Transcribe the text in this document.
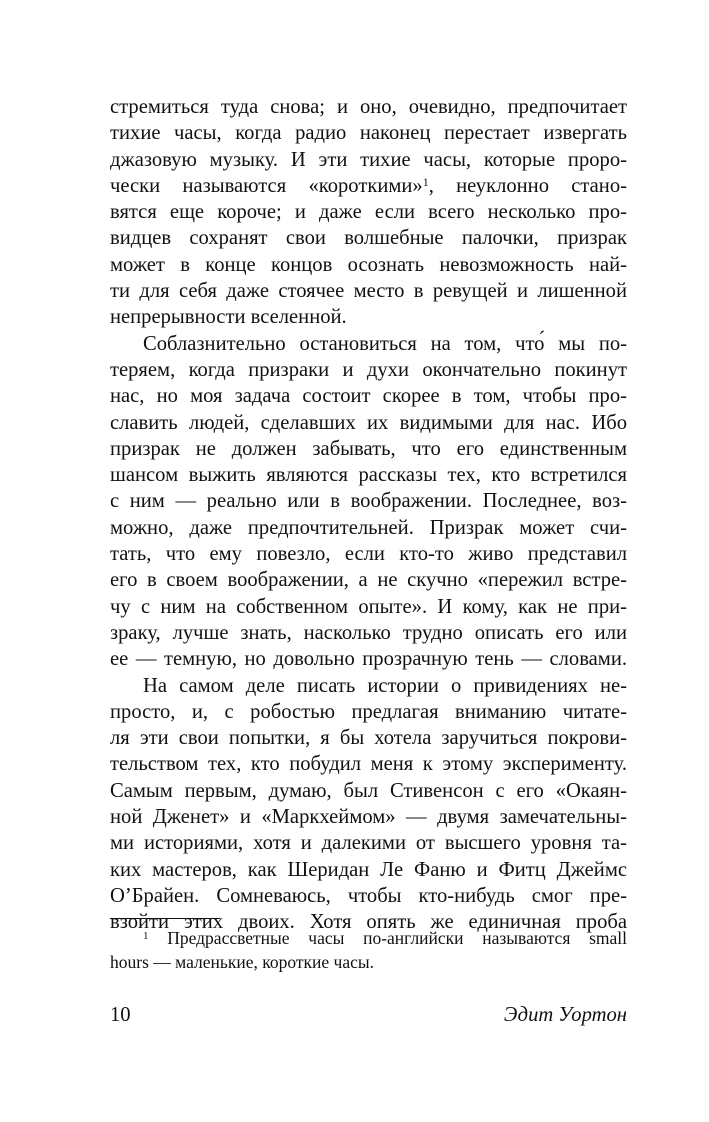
стремиться туда снова; и оно, очевидно, предпочитает
тихие часы, когда радио наконец перестает извергать
джазовую музыку. И эти тихие часы, которые проро-
чески называются «короткими»$^1$, неуклонно стано-
вятся еще короче; и даже если всего несколько про-
видцев сохранят свои волшебные палочки, призрак
может в конце концов осознать невозможность най-
ти для себя даже стоячее место в ревущей и лишенной
непрерывности вселенной.

Соблазнительно остановиться на том, что́ мы по-
теряем, когда призраки и духи окончательно покинут
нас, но моя задача состоит скорее в том, чтобы про-
славить людей, сделавших их видимыми для нас. Ибо
призрак не должен забывать, что его единственным
шансом выжить являются рассказы тех, кто встретился
с ним — реально или в воображении. Последнее, воз-
можно, даже предпочтительней. Призрак может счи-
тать, что ему повезло, если кто-то живо представил
его в своем воображении, а не скучно «пережил встре-
чу с ним на собственном опыте». И кому, как не при-
зраку, лучше знать, насколько трудно описать его или
ее — темную, но довольно прозрачную тень — словами.

На самом деле писать истории о привидениях не-
просто, и, с робостью предлагая вниманию читате-
ля эти свои попытки, я бы хотела заручиться покрови-
тельством тех, кто побудил меня к этому эксперименту.
Самым первым, думаю, был Стивенсон с его «Окаян-
ной Дженет» и «Маркхеймом» — двумя замечательны-
ми историями, хотя и далекими от высшего уровня та-
ких мастеров, как Шеридан Ле Фаню и Фитц Джеймс
О’Брайен. Сомневаюсь, чтобы кто-нибудь смог пре-
взойти этих двоих. Хотя опять же единичная проба

$^1$ Предрассветные часы по-английски называются small
hours — маленькие, короткие часы.
10	Эдит Уортон
